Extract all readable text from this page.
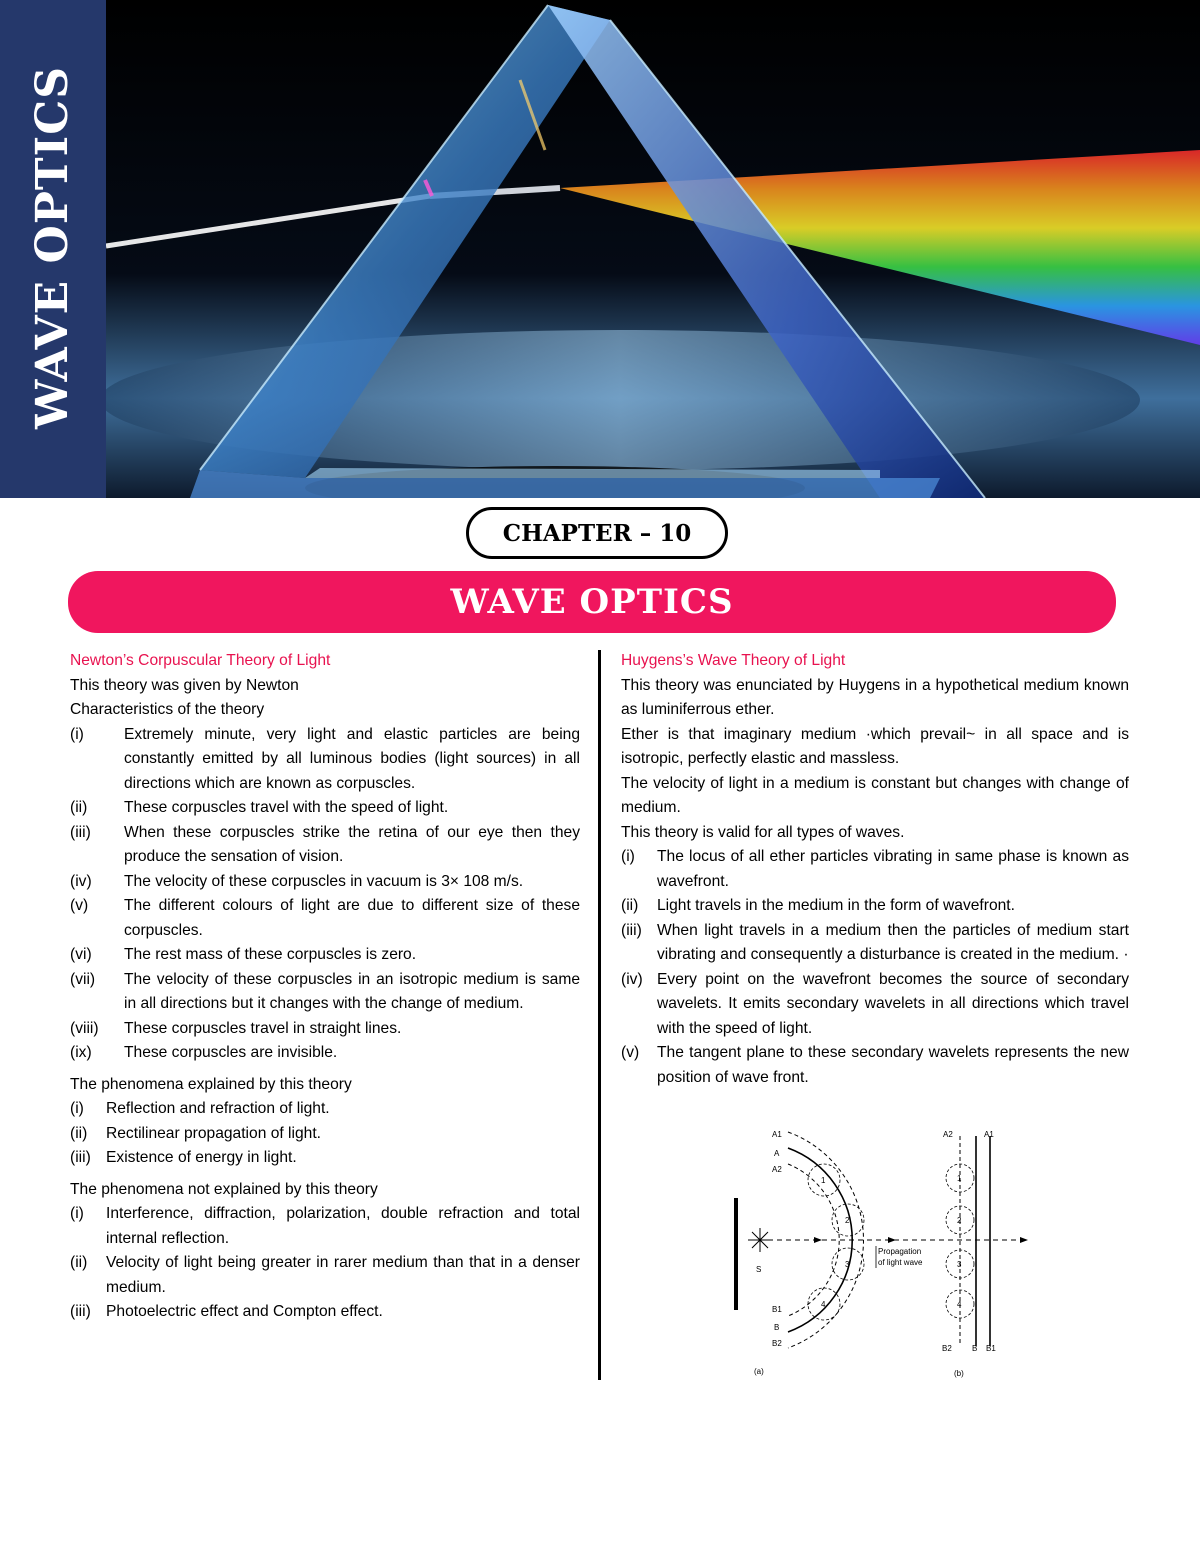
WAVE OPTICS
CHAPTER – 10
WAVE OPTICS

Newton’s Corpuscular Theory of Light

This theory was given by Newton

Characteristics of the theory

(i)	Extremely minute, very light and elastic particles are being constantly emitted by all luminous bodies (light sources) in all directions which are known as corpuscles.
(ii)	These corpuscles travel with the speed of light.
(iii)	When these corpuscles strike the retina of our eye then they produce the sensation of vision.
(iv)	The velocity of these corpuscles in vacuum is 3× 108 m/s.
(v)	The different colours of light are due to different size of these corpuscles.
(vi)	The rest mass of these corpuscles is zero.
(vii)	The velocity of these corpuscles in an isotropic medium is same in all directions but it changes with the change of medium.
(viii)	These corpuscles travel in straight lines.
(ix)	These corpuscles are invisible.

The phenomena explained by this theory

(i)	Reflection and refraction of light.
(ii)	Rectilinear propagation of light.
(iii) Existence of energy in light.

The phenomena not explained by this theory

(i)	Interference, diffraction, polarization, double refraction and total internal reflection.
(ii)	Velocity of light being greater in rarer medium than that in a denser medium.
(iii) Photoelectric effect and Compton effect.

Huygens’s Wave Theory of Light

This theory was enunciated by Huygens in a hypothetical medium known as luminiferrous ether.

Ether is that imaginary medium ·which prevail~ in all space and is isotropic, perfectly elastic and massless.

The velocity of light in a medium is constant but changes with change of medium.

This theory is valid for all types of waves.

(i)	The locus of all ether particles vibrating in same phase is known as wavefront.
(ii)	Light travels in the medium in the form of wavefront.
(iii) When light travels in a medium then the particles of medium start vibrating and consequently a disturbance is created in the medium. ·
(iv) Every point on the wavefront becomes the source of secondary wavelets. It emits secondary wavelets in all directions which travel with the speed of light.
(v)	The tangent plane to these secondary wavelets represents the new position of wave front.
S
1
2
3
4
A1
A
A2
B1
B
B2
Propagation
of light wave
1
2
3
4
A2	A1
B2	B B1
(a)	(b)
